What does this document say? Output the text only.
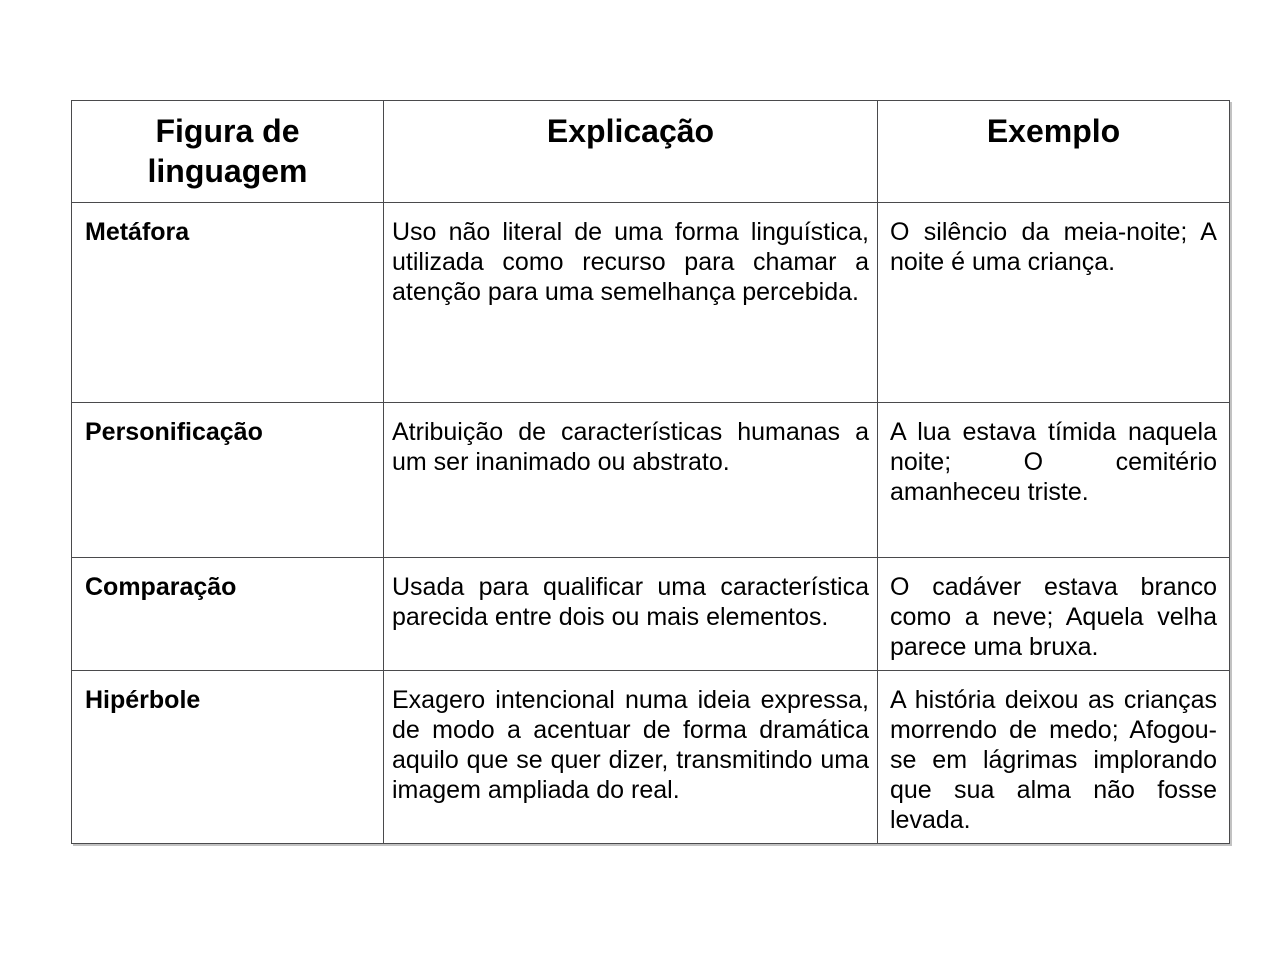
Figura de linguagem	Explicação	Exemplo
Metáfora	Uso não literal de uma forma linguística, utilizada como recurso para chamar a atenção para uma semelhança percebida.	O silêncio da meia-noite; A noite é uma criança.
Personificação	Atribuição de características humanas a um ser inanimado ou abstrato.	A lua estava tímida naquela noite; O cemitério amanheceu triste.
Comparação	Usada para qualificar uma característica parecida entre dois ou mais elementos.	O cadáver estava branco como a neve; Aquela velha parece uma bruxa.
Hipérbole	Exagero intencional numa ideia expressa, de modo a acentuar de forma dramática aquilo que se quer dizer, transmitindo uma imagem ampliada do real.	A história deixou as crianças morrendo de medo; Afogou-se em lágrimas implorando que sua alma não fosse levada.
